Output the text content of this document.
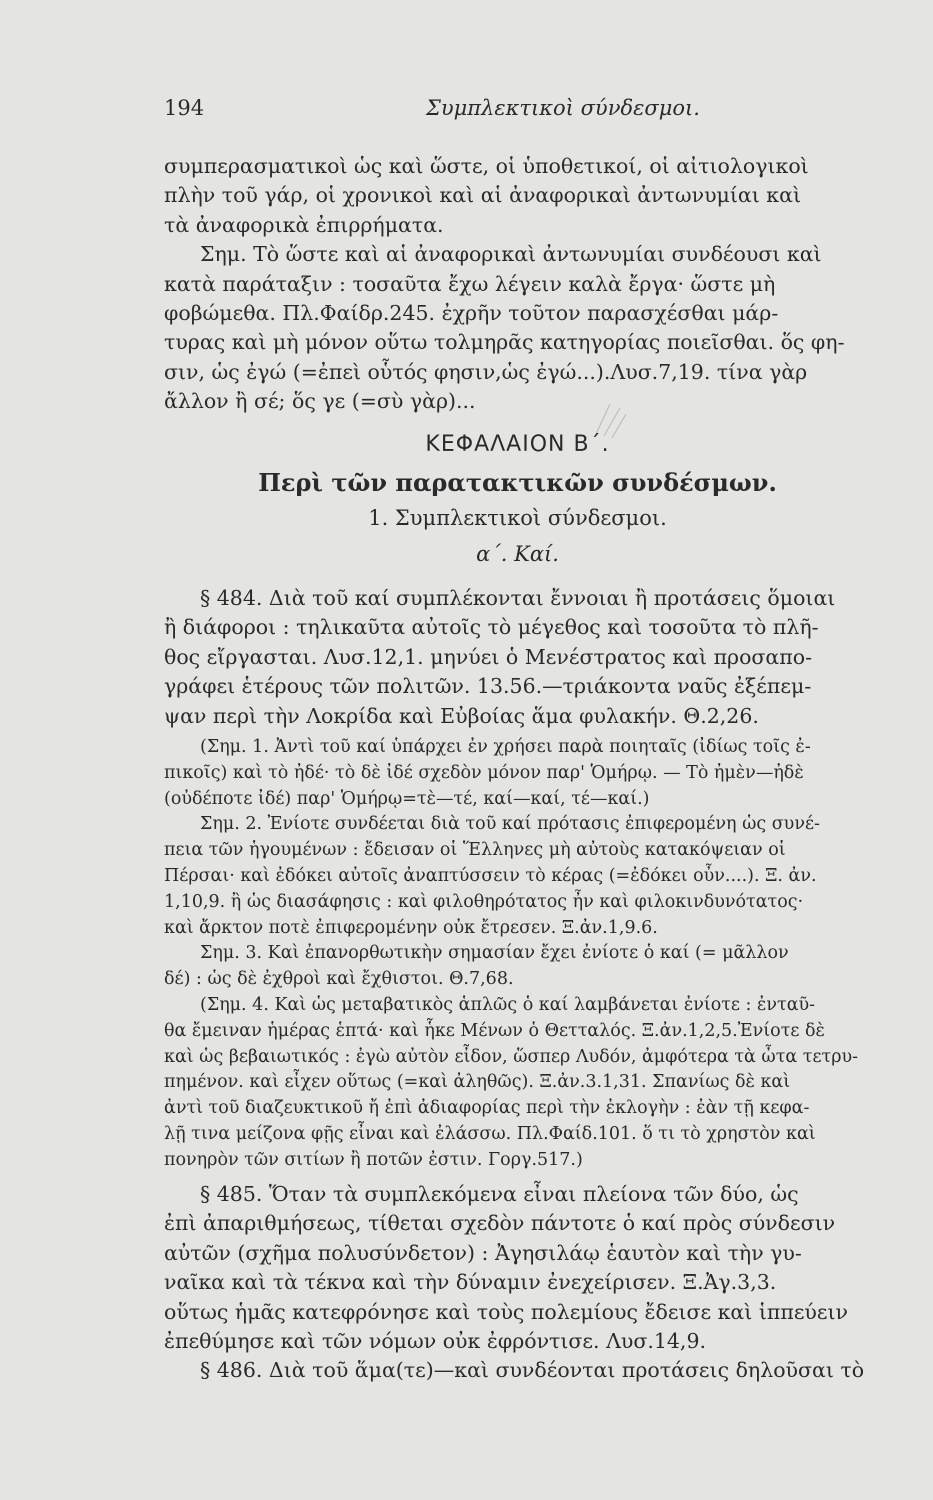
194	Συμπλεκτικοὶ σύνδεσμοι.
συμπερασματικοὶ ὡς καὶ ὥστε, οἱ ὑποθετικοί, οἱ αἰτιολογικοὶ
πλὴν τοῦ γάρ, οἱ χρονικοὶ καὶ αἱ ἀναφορικαὶ ἀντωνυμίαι καὶ
τὰ ἀναφορικὰ ἐπιρρήματα.
Σημ. Τὸ ὥστε καὶ αἱ ἀναφορικαὶ ἀντωνυμίαι συνδέουσι καὶ
κατὰ παράταξιν : τοσαῦτα ἔχω λέγειν καλὰ ἔργα· ὥστε μὴ
φοβώμεθα. Πλ.Φαίδρ.245. ἐχρῆν τοῦτον παρασχέσθαι μάρ-
τυρας καὶ μὴ μόνον οὕτω τολμηρᾶς κατηγορίας ποιεῖσθαι. ὅς φη-
σιν, ὡς ἐγώ (=ἐπεὶ οὗτός φησιν,ὡς ἐγώ...).Λυσ.7,19. τίνα γὰρ
ἄλλον ἢ σέ; ὅς γε (=σὺ γὰρ)...
ΚΕΦΑΛΑΙΟΝ Β΄.
Περὶ τῶν παρατακτικῶν συνδέσμων.
1. Συμπλεκτικοὶ σύνδεσμοι.
α΄. Καί.
§ 484. Διὰ τοῦ καί συμπλέκονται ἔννοιαι ἢ προτάσεις ὅμοιαι
ἢ διάφοροι : τηλικαῦτα αὐτοῖς τὸ μέγεθος καὶ τοσοῦτα τὸ πλῆ-
θος εἴργασται. Λυσ.12,1. μηνύει ὁ Μενέστρατος καὶ προσαπο-
γράφει ἑτέρους τῶν πολιτῶν. 13.56.—τριάκοντα ναῦς ἐξέπεμ-
ψαν περὶ τὴν Λοκρίδα καὶ Εὐβοίας ἅμα φυλακήν. Θ.2,26.
(Σημ. 1. Ἀντὶ τοῦ καί ὑπάρχει ἐν χρήσει παρὰ ποιηταῖς (ἰδίως τοῖς ἐ-
πικοῖς) καὶ τὸ ἠδέ· τὸ δὲ ἰδέ σχεδὸν μόνον παρ' Ὁμήρῳ. — Τὸ ἠμὲν—ἠδὲ
(οὐδέποτε ἰδέ) παρ' Ὁμήρῳ=τὲ—τέ, καί—καί, τέ—καί.)
Σημ. 2. Ἐνίοτε συνδέεται διὰ τοῦ καί πρότασις ἐπιφερομένη ὡς συνέ-
πεια τῶν ἡγουμένων : ἔδεισαν οἱ Ἕλληνες μὴ αὐτοὺς κατακόψειαν οἱ
Πέρσαι· καὶ ἐδόκει αὐτοῖς ἀναπτύσσειν τὸ κέρας (=ἐδόκει οὖν....). Ξ. ἀν.
1,10,9. ἢ ὡς διασάφησις : καὶ φιλοθηρότατος ἦν καὶ φιλοκινδυνότατος·
καὶ ἄρκτον ποτὲ ἐπιφερομένην οὐκ ἔτρεσεν. Ξ.ἀν.1,9.6.
Σημ. 3. Καὶ ἐπανορθωτικὴν σημασίαν ἔχει ἐνίοτε ὁ καί (= μᾶλλον
δέ) : ὡς δὲ ἐχθροὶ καὶ ἔχθιστοι. Θ.7,68.
(Σημ. 4. Καὶ ὡς μεταβατικὸς ἁπλῶς ὁ καί λαμβάνεται ἐνίοτε : ἐνταῦ-
θα ἔμειναν ἡμέρας ἑπτά· καὶ ἧκε Μένων ὁ Θετταλός. Ξ.ἀν.1,2,5.Ἐνίοτε δὲ
καὶ ὡς βεβαιωτικός : ἐγὼ αὐτὸν εἶδον, ὥσπερ Λυδόν, ἀμφότερα τὰ ὦτα τετρυ-
πημένον. καὶ εἶχεν οὕτως (=καὶ ἀληθῶς). Ξ.ἀν.3.1,31. Σπανίως δὲ καὶ
ἀντὶ τοῦ διαζευκτικοῦ ἤ ἐπὶ ἀδιαφορίας περὶ τὴν ἐκλογὴν : ἐὰν τῇ κεφα-
λῇ τινα μείζονα φῇς εἶναι καὶ ἐλάσσω. Πλ.Φαίδ.101. ὅ τι τὸ χρηστὸν καὶ
πονηρὸν τῶν σιτίων ἢ ποτῶν ἐστιν. Γοργ.517.)
§ 485. Ὅταν τὰ συμπλεκόμενα εἶναι πλείονα τῶν δύο, ὡς
ἐπὶ ἀπαριθμήσεως, τίθεται σχεδὸν πάντοτε ὁ καί πρὸς σύνδεσιν
αὐτῶν (σχῆμα πολυσύνδετον) : Ἀγησιλάῳ ἑαυτὸν καὶ τὴν γυ-
ναῖκα καὶ τὰ τέκνα καὶ τὴν δύναμιν ἐνεχείρισεν. Ξ.Ἀγ.3,3.
οὕτως ἡμᾶς κατεφρόνησε καὶ τοὺς πολεμίους ἔδεισε καὶ ἱππεύειν
ἐπεθύμησε καὶ τῶν νόμων οὐκ ἐφρόντισε. Λυσ.14,9.
§ 486. Διὰ τοῦ ἅμα(τε)—καὶ συνδέονται προτάσεις δηλοῦσαι τὸ
